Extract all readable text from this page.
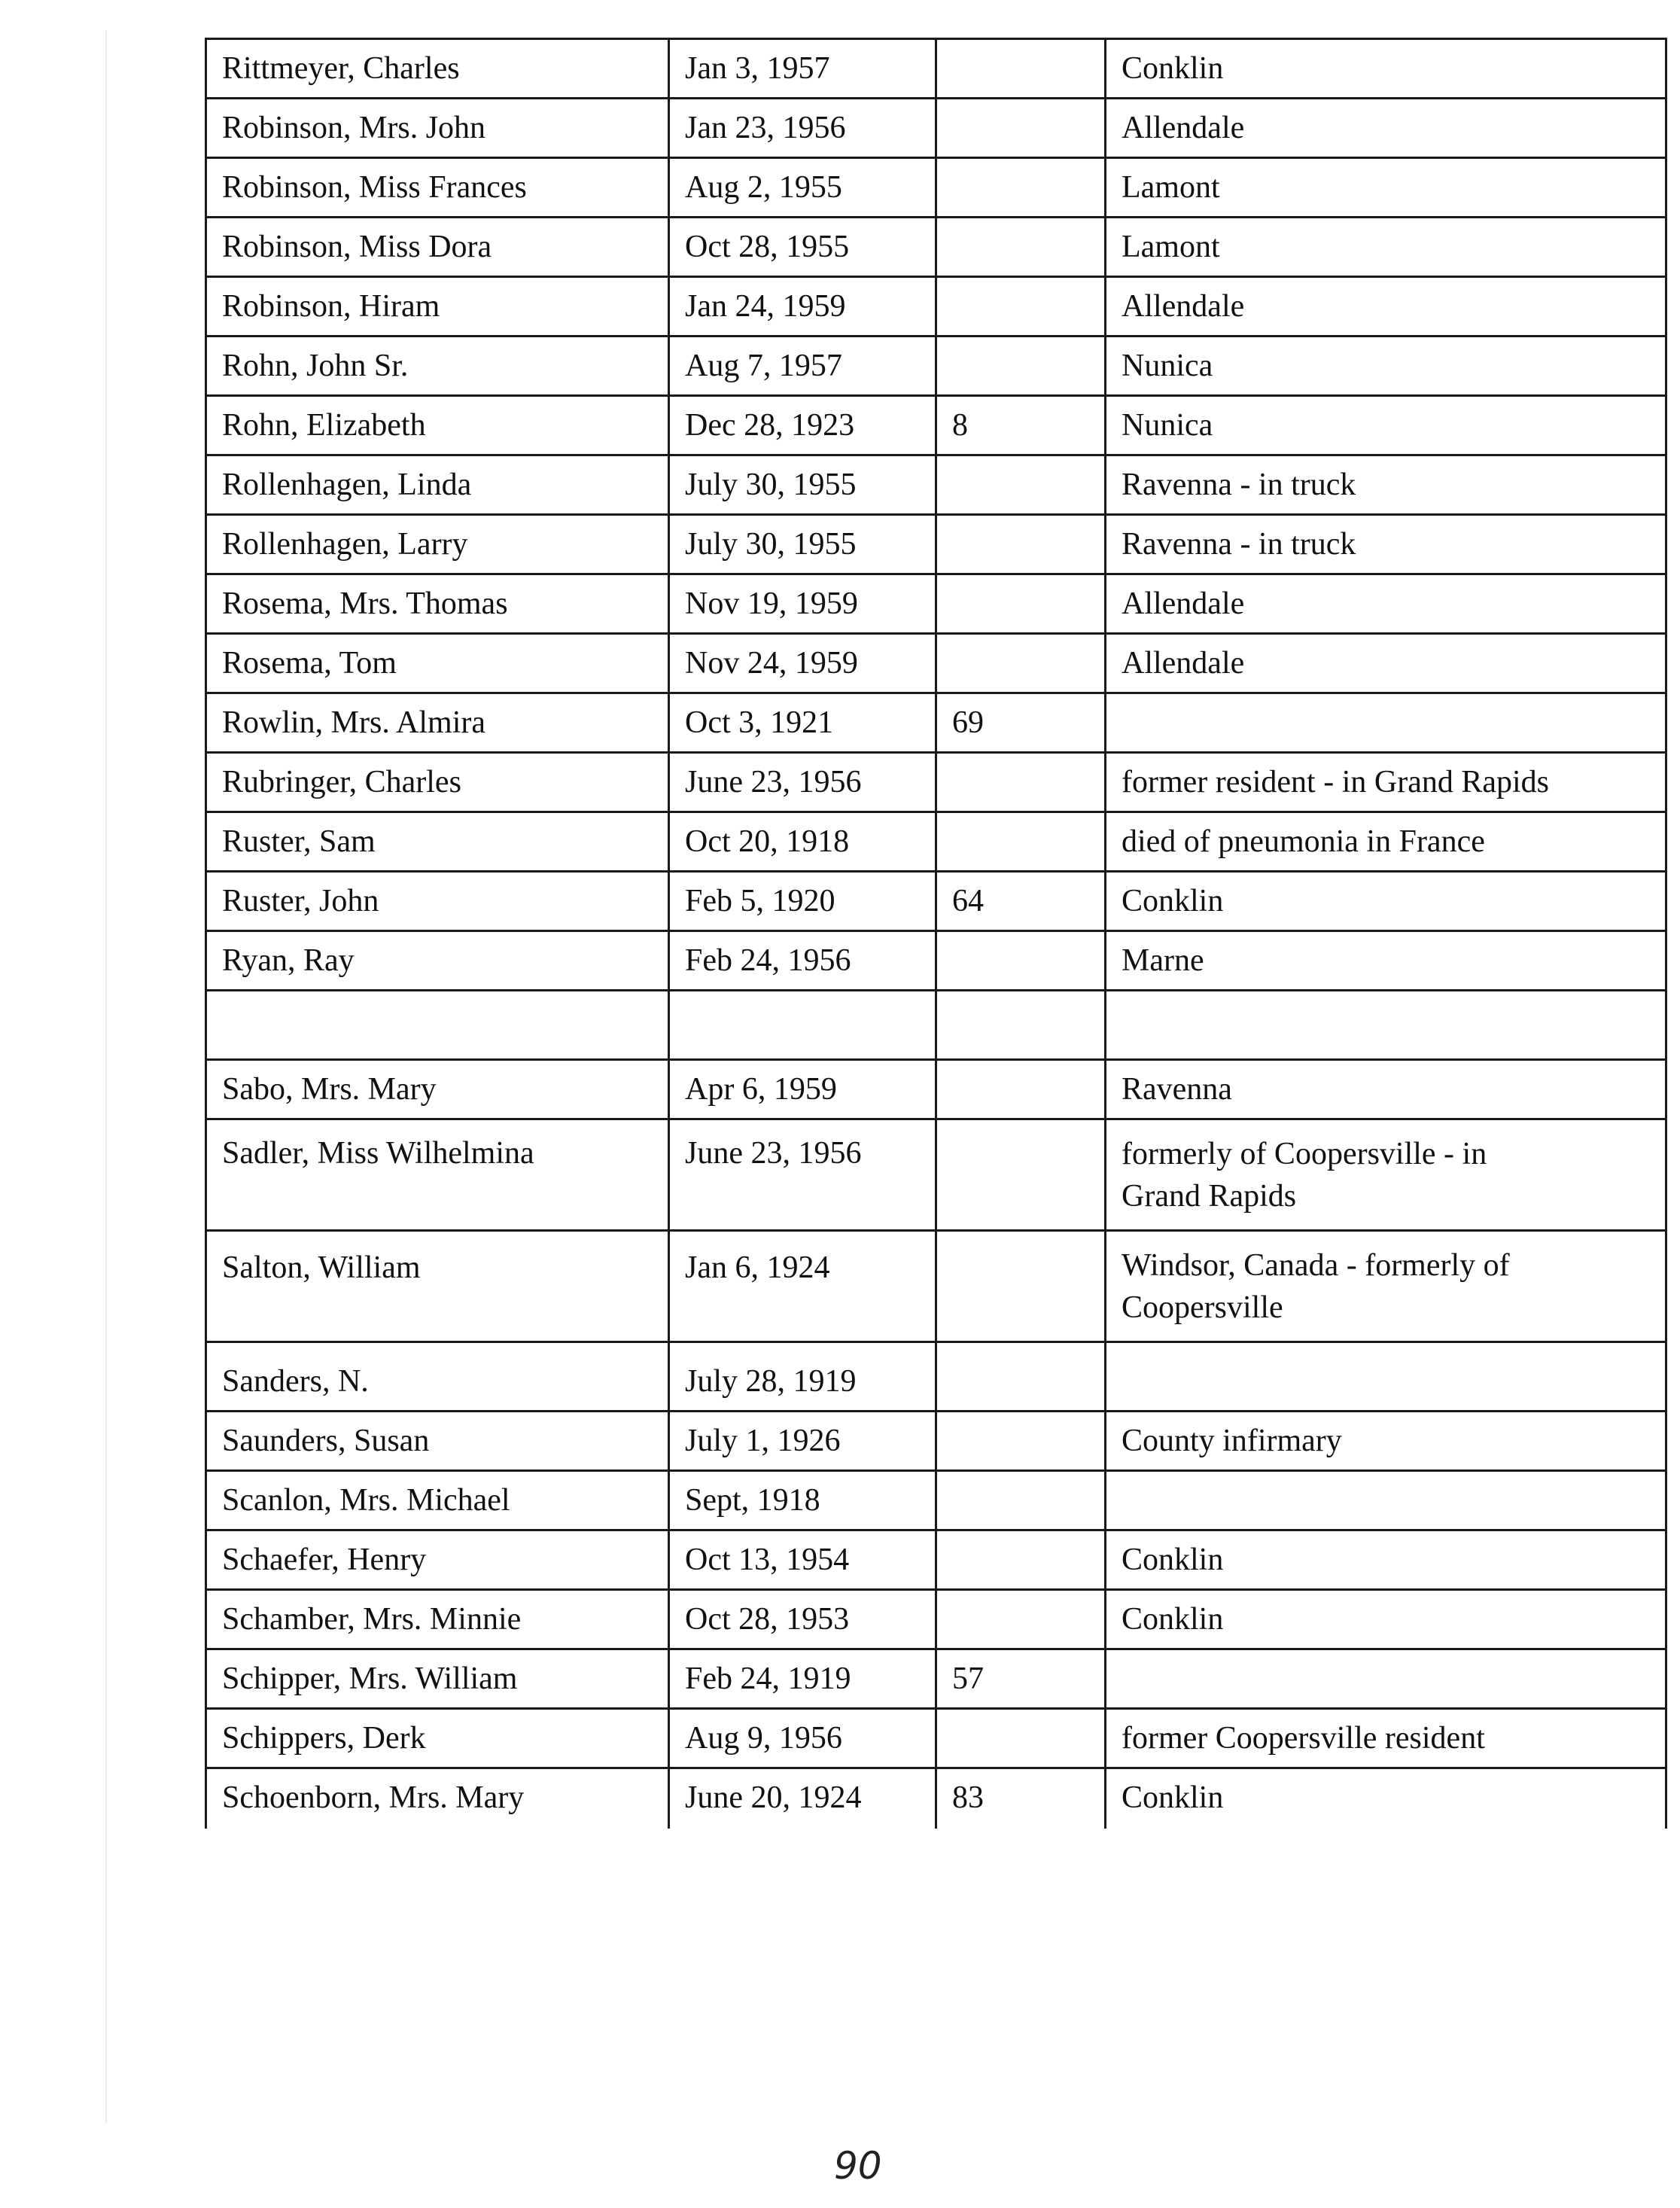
Rittmeyer, Charles	Jan 3, 1957		Conklin
Robinson, Mrs. John	Jan 23, 1956		Allendale
Robinson, Miss Frances	Aug 2, 1955		Lamont
Robinson, Miss Dora	Oct 28, 1955		Lamont
Robinson, Hiram	Jan 24, 1959		Allendale
Rohn, John Sr.	Aug 7, 1957		Nunica
Rohn, Elizabeth	Dec 28, 1923	8	Nunica
Rollenhagen, Linda	July 30, 1955		Ravenna - in truck
Rollenhagen, Larry	July 30, 1955		Ravenna - in truck
Rosema, Mrs. Thomas	Nov 19, 1959		Allendale
Rosema, Tom	Nov 24, 1959		Allendale
Rowlin, Mrs. Almira	Oct 3, 1921	69	
Rubringer, Charles	June 23, 1956		former resident - in Grand Rapids
Ruster, Sam	Oct 20, 1918		died of pneumonia in France
Ruster, John	Feb 5, 1920	64	Conklin
Ryan, Ray	Feb 24, 1956		Marne

Sabo, Mrs. Mary	Apr 6, 1959		Ravenna
Sadler, Miss Wilhelmina	June 23, 1956		formerly of Coopersville - in Grand Rapids
Salton, William	Jan 6, 1924		Windsor, Canada - formerly of Coopersville
Sanders, N.	July 28, 1919		
Saunders, Susan	July 1, 1926		County infirmary
Scanlon, Mrs. Michael	Sept, 1918		
Schaefer, Henry	Oct 13, 1954		Conklin
Schamber, Mrs. Minnie	Oct 28, 1953		Conklin
Schipper, Mrs. William	Feb 24, 1919	57	
Schippers, Derk	Aug 9, 1956		former Coopersville resident
Schoenborn, Mrs. Mary	June 20, 1924	83	Conklin
90
